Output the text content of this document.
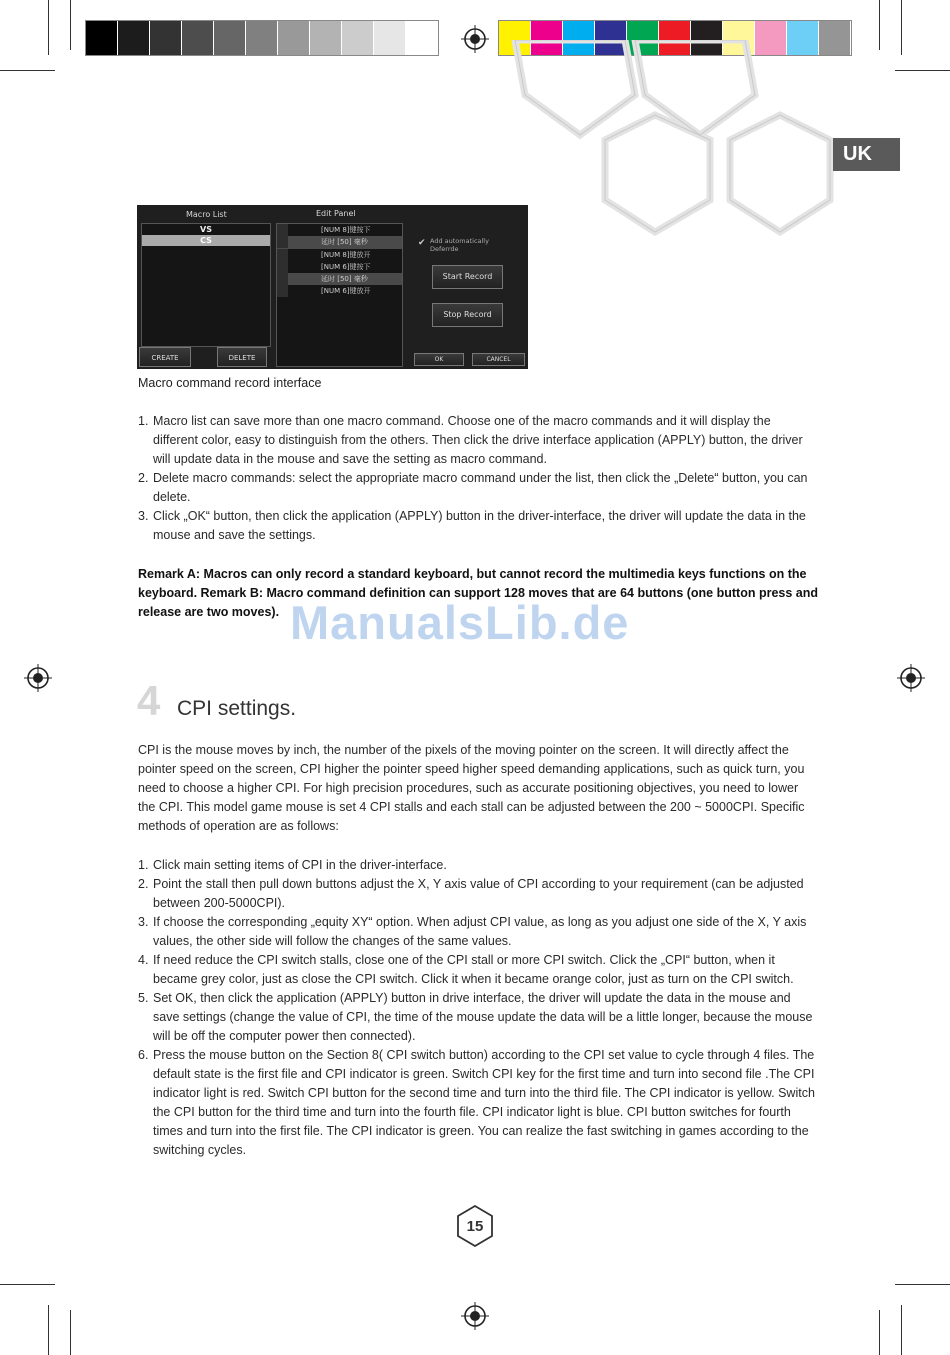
UK
Macro List	Edit Panel
VS
CS
CREATE	DELETE
[NUM 8]键按下
延时 [50] 毫秒
[NUM 8]键放开
[NUM 6]键按下
延时 [50] 毫秒
[NUM 6]键放开
✔ Add automatically
Deferrde
Start Record
Stop Record
OK	CANCEL
Macro command record interface
1. Macro list can save more than one macro command. Choose one of the macro commands and it will display the different color, easy to distinguish from the others. Then click the drive interface application (APPLY) button, the driver will update data in the mouse and save the setting as macro command.
2. Delete macro commands: select the appropriate macro command under the list, then click the „Delete“ button, you can delete.
3. Click „OK“ button, then click the application (APPLY) button in the driver-interface, the driver will update the data in the mouse and save the settings.

Remark A: Macros can only record a standard keyboard, but cannot record the multimedia keys functions on the keyboard. Remark B: Macro command definition can support 128 moves that are 64 buttons (one button press and release are two moves). ManualsLib.de
4 CPI settings.

CPI is the mouse moves by inch, the number of the pixels of the moving pointer on the screen. It will directly affect the pointer speed on the screen, CPI higher the pointer speed higher speed demanding applications, such as quick turn, you need to choose a higher CPI. For high precision procedures, such as accurate positioning objectives, you need to lower the CPI. This model game mouse is set 4 CPI stalls and each stall can be adjusted between the 200 ~ 5000CPI. Specific methods of operation are as follows:

1. Click main setting items of CPI in the driver-interface.
2. Point the stall then pull down buttons adjust the X, Y axis value of CPI according to your requirement (can be adjusted between 200-5000CPI).
3. If choose the corresponding „equity XY“ option. When adjust CPI value, as long as you adjust one side of the X, Y axis values, the other side will follow the changes of the same values.
4. If need reduce the CPI switch stalls, close one of the CPI stall or more CPI switch. Click the „CPI“ button, when it became grey color, just as close the CPI switch. Click it when it became orange color, just as turn on the CPI switch.
5. Set OK, then click the application (APPLY) button in drive interface, the driver will update the data in the mouse and save settings (change the value of CPI, the time of the mouse update the data will be a little longer, because the mouse will be off the computer power then connected).
6. Press the mouse button on the Section 8( CPI switch button) according to the CPI set value to cycle through 4 files. The default state is the first file and CPI indicator is green. Switch CPI key for the first time and turn into second file .The CPI indicator light is red. Switch CPI button for the second time and turn into the third file. The CPI indicator is yellow. Switch the CPI button for the third time and turn into the fourth file. CPI indicator light is blue. CPI button switches for fourth times and turn into the first file. The CPI indicator is green. You can realize the fast switching in games according to the switching cycles.
15
